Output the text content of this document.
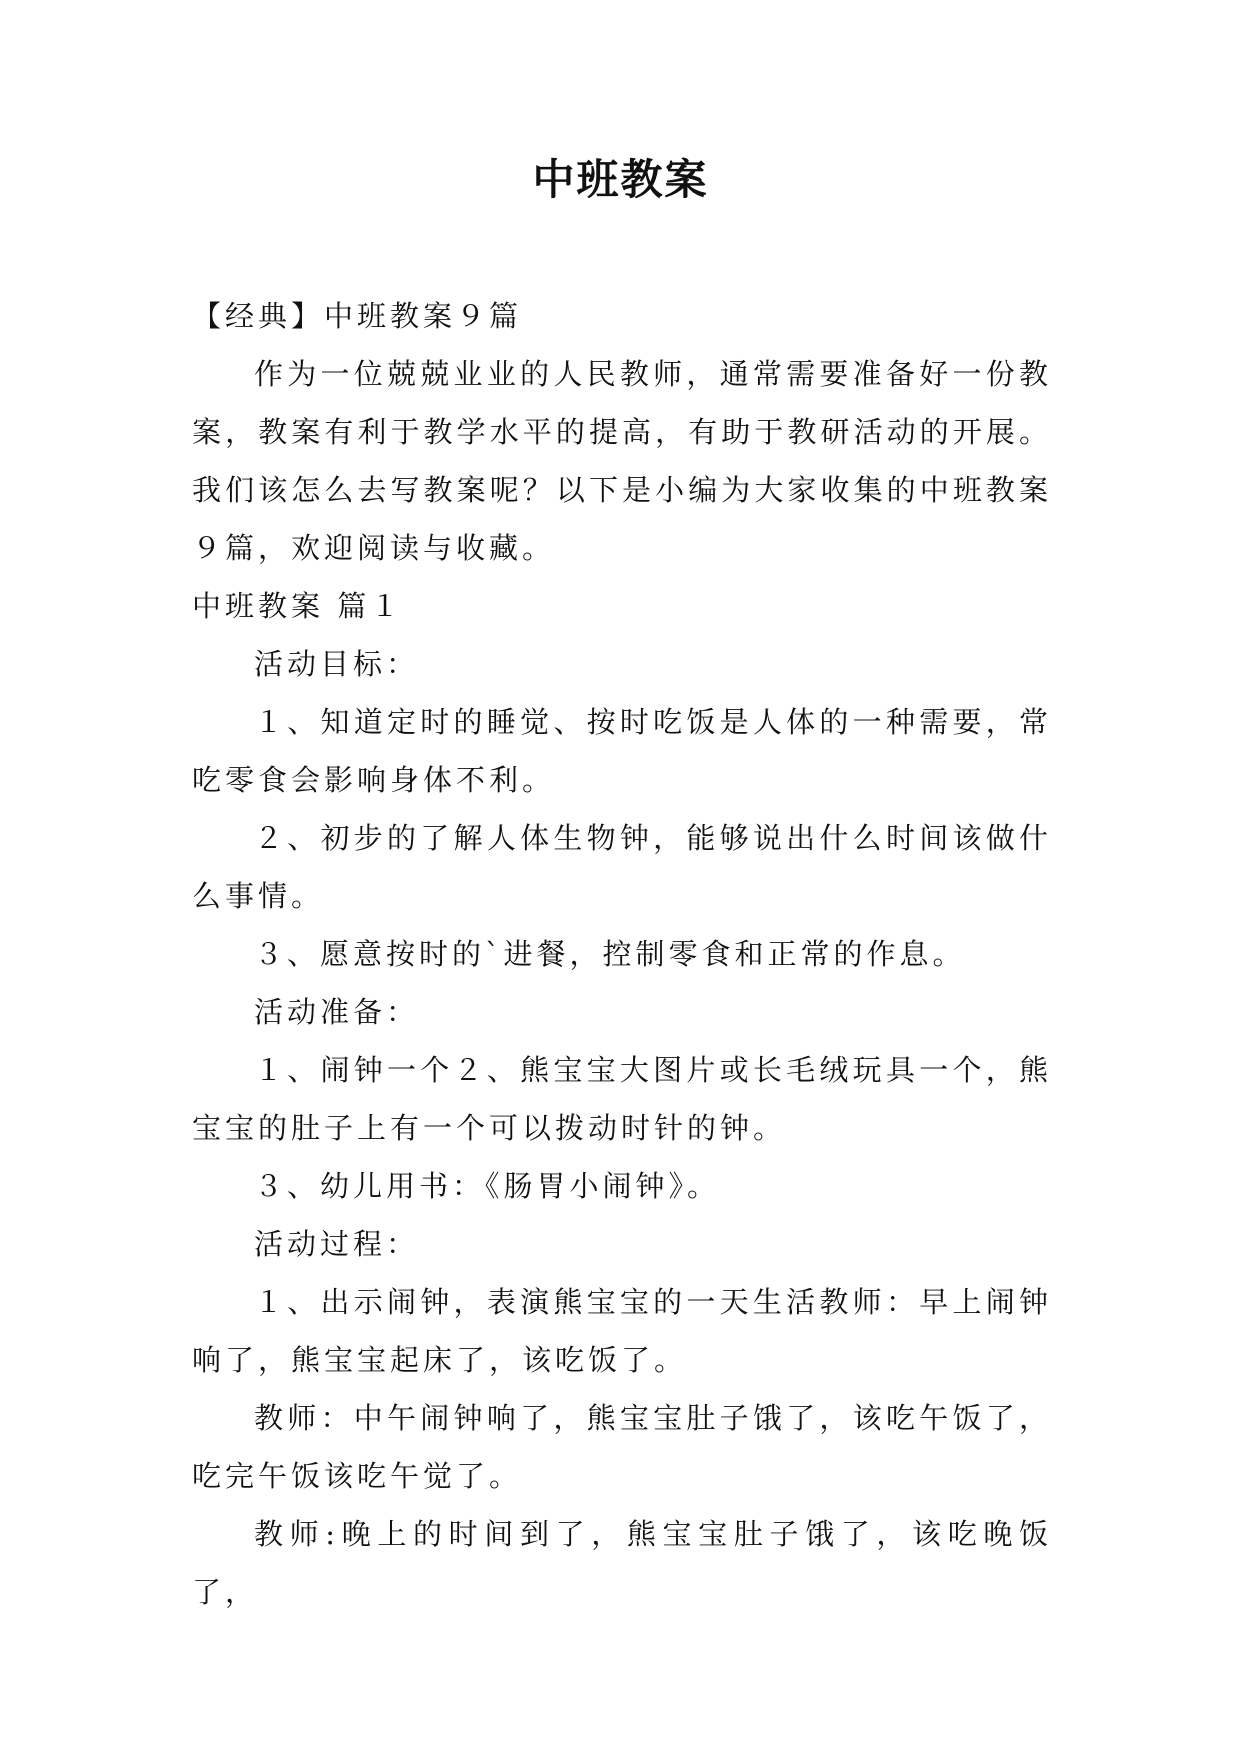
中班教案

【经典】中班教案９篇

作为一位兢兢业业的人民教师，通常需要准备好一份教案，教案有利于教学水平的提高，有助于教研活动的开展。我们该怎么去写教案呢？以下是小编为大家收集的中班教案９篇，欢迎阅读与收藏。

中班教案 篇１

活动目标：

１、知道定时的睡觉、按时吃饭是人体的一种需要，常吃零食会影响身体不利。

２、初步的了解人体生物钟，能够说出什么时间该做什么事情。

３、愿意按时的`进餐，控制零食和正常的作息。

活动准备：

１、闹钟一个２、熊宝宝大图片或长毛绒玩具一个，熊宝宝的肚子上有一个可以拨动时针的钟。

３、幼儿用书：《肠胃小闹钟》。

活动过程：

１、出示闹钟，表演熊宝宝的一天生活教师：早上闹钟响了，熊宝宝起床了，该吃饭了。

教师：中午闹钟响了，熊宝宝肚子饿了，该吃午饭了，吃完午饭该吃午觉了。

教师:晚上的时间到了，熊宝宝肚子饿了，该吃晚饭了，
